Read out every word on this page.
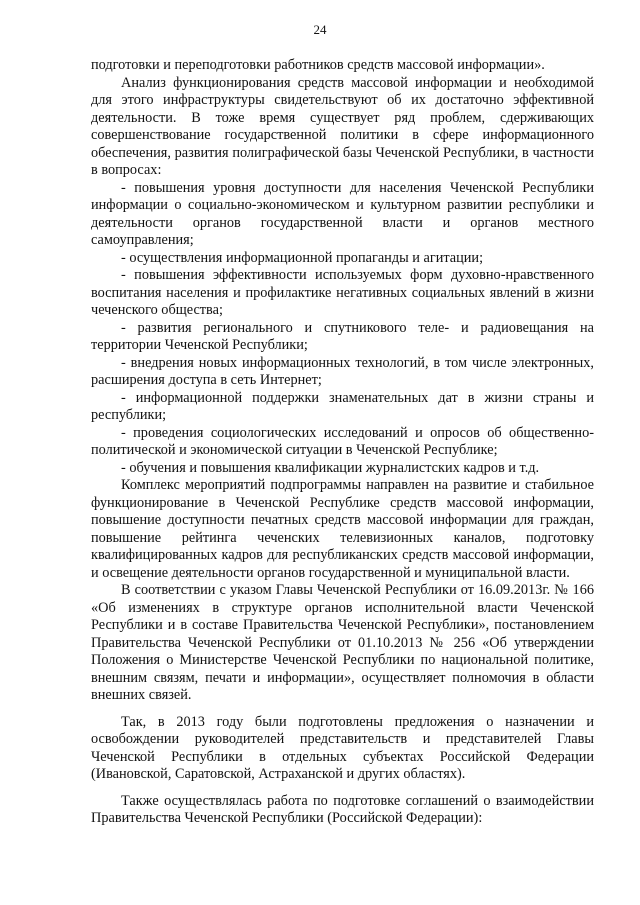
24

подготовки и переподготовки работников средств массовой информации».

Анализ функционирования средств массовой информации и необходимой для этого инфраструктуры свидетельствуют об их достаточно эффективной деятельности. В тоже время существует ряд проблем, сдерживающих совершенствование государственной политики в сфере информационного обеспечения, развития полиграфической базы Чеченской Республики, в частности в вопросах:

- повышения уровня доступности для населения Чеченской Республики информации о социально-экономическом и культурном развитии республики и деятельности органов государственной власти и органов местного самоуправления;

- осуществления информационной пропаганды и агитации;

- повышения эффективности используемых форм духовно-нравственного воспитания населения и профилактике негативных социальных явлений в жизни чеченского общества;

- развития регионального и спутникового теле- и радиовещания на территории Чеченской Республики;

- внедрения новых информационных технологий, в том числе электронных, расширения доступа в сеть Интернет;

- информационной поддержки знаменательных дат в жизни страны и республики;

- проведения социологических исследований и опросов об общественно-политической и экономической ситуации в Чеченской Республике;

- обучения и повышения квалификации журналистских кадров и т.д.

Комплекс мероприятий подпрограммы направлен на развитие и стабильное функционирование в Чеченской Республике средств массовой информации, повышение доступности печатных средств массовой информации для граждан, повышение рейтинга чеченских телевизионных каналов, подготовку квалифицированных кадров для республиканских средств массовой информации, и освещение деятельности органов государственной и муниципальной власти.

В соответствии с указом Главы Чеченской Республики от 16.09.2013г. № 166 «Об изменениях в структуре органов исполнительной власти Чеченской Республики и в составе Правительства Чеченской Республики», постановлением Правительства Чеченской Республики от 01.10.2013 № 256 «Об утверждении Положения о Министерстве Чеченской Республики по национальной политике, внешним связям, печати и информации», осуществляет полномочия в области внешних связей.

Так, в 2013 году были подготовлены предложения о назначении и освобождении руководителей представительств и представителей Главы Чеченской Республики в отдельных субъектах Российской Федерации (Ивановской, Саратовской, Астраханской и других областях).

Также осуществлялась работа по подготовке соглашений о взаимодействии Правительства Чеченской Республики (Российской Федерации):
